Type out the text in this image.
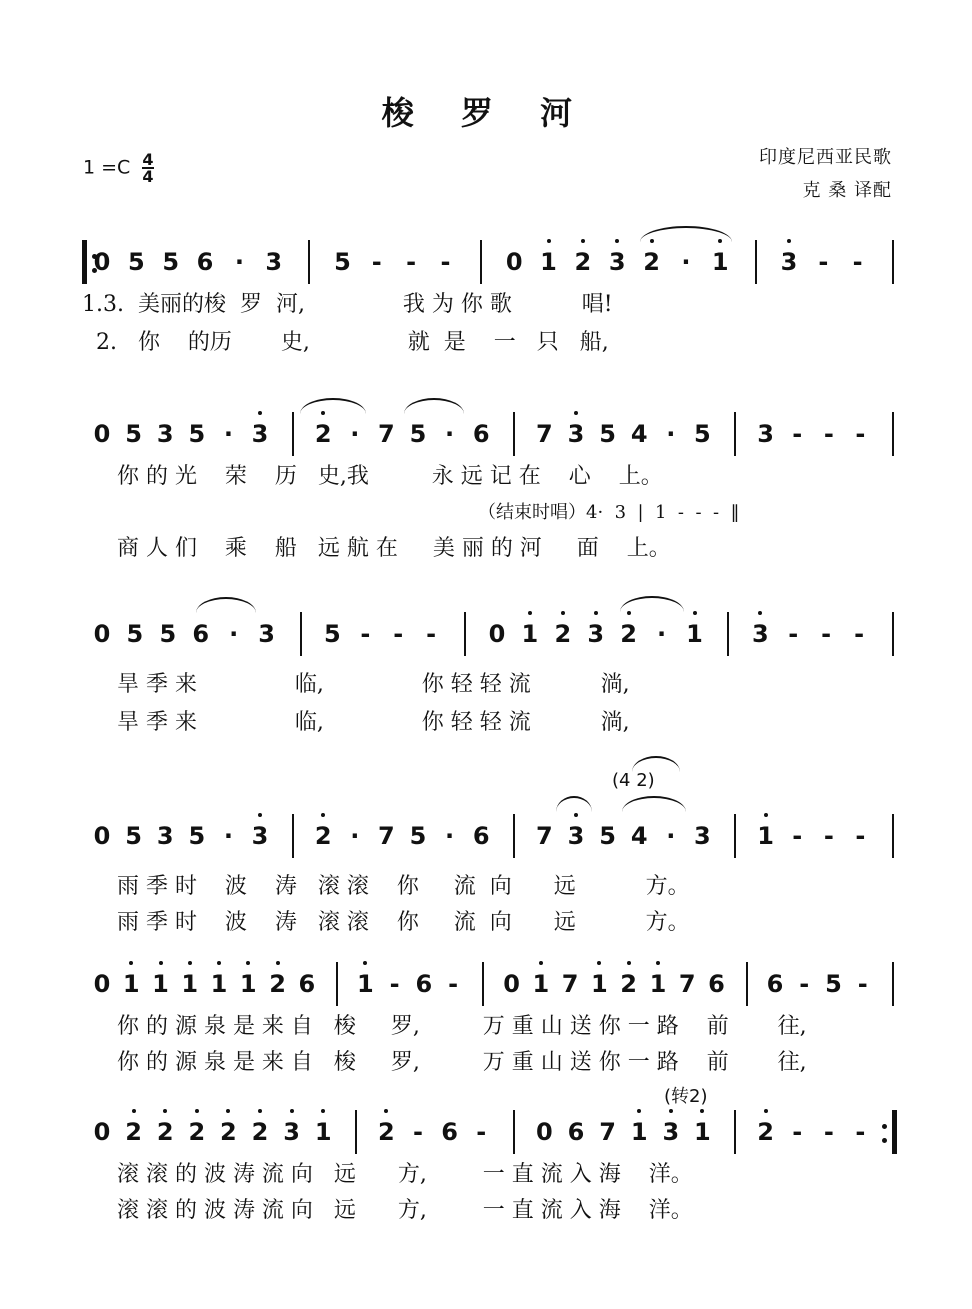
梭 罗 河
$1 =C \frac{4}{4}$	印度尼西亚民歌
克 桑 译配
0 5 5 6 · 3 5 - - - 0 1 2 3 2 · 1 3 - -
1.3.  美丽的梭  罗  河,              我 为 你 歌          唱!
2.   你    的历       史,              就  是    一   只   船,
0 5 3 5 · 3 2 · 7 5 · 6 7 3 5 4 · 5 3 - - -
你 的 光    荣    历   史,我         永 远 记 在    心    上。
商 人 们    乘    船   远 航 在     美 丽 的 河     面    上。
（结束时唱）4·  3  |  1  -  -  -  ‖
0 5 5 6 · 3 5 - - - 0 1 2 3 2 · 1 3 - - -
旱 季 来              临,              你 轻 轻 流          淌,
旱 季 来              临,              你 轻 轻 流          淌,
0 5 3 5 · 3 2 · 7 5 · 6 7 3 5 4 · 3 1 - - -
雨 季 时    波    涛   滚 滚    你     流  向      远          方。
雨 季 时    波    涛   滚 滚    你     流  向      远          方。
(4 2)
0 1 1 1 1 1 2 6 1 - 6 - 0 1 7 1 2 1 7 6 6 - 5 -
你 的 源 泉 是 来 自   梭     罗,         万 重 山 送 你 一 路    前       往,
你 的 源 泉 是 来 自   梭     罗,         万 重 山 送 你 一 路    前       往,
0 2 2 2 2 2 3 1 2 - 6 - 0 6 7 1 3 1 2 - - -
滚 滚 的 波 涛 流 向   远      方,        一 直 流 入 海    洋。
滚 滚 的 波 涛 流 向   远      方,        一 直 流 入 海    洋。
(转2)
